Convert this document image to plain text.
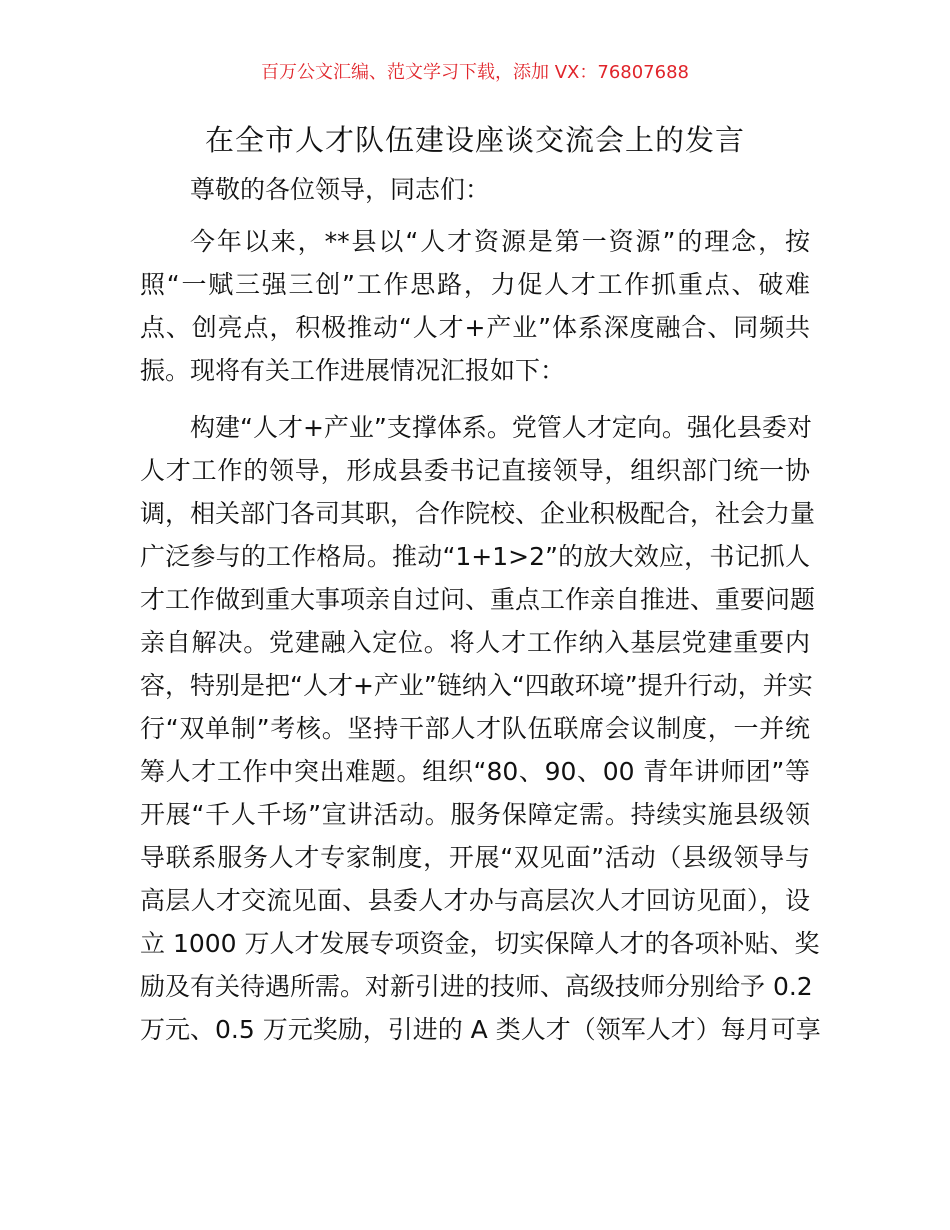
百万公文汇编、范文学习下载，添加 VX：76807688
在全市人才队伍建设座谈交流会上的发言
尊敬的各位领导，同志们：
今年以来，**县以“人才资源是第一资源”的理念，按
照“一赋三强三创”工作思路，力促人才工作抓重点、破难
点、创亮点，积极推动“人才+产业”体系深度融合、同频共
振。现将有关工作进展情况汇报如下：
构建“人才+产业”支撑体系。党管人才定向。强化县委对
人才工作的领导，形成县委书记直接领导，组织部门统一协
调，相关部门各司其职，合作院校、企业积极配合，社会力量
广泛参与的工作格局。推动“1+1>2”的放大效应，书记抓人
才工作做到重大事项亲自过问、重点工作亲自推进、重要问题
亲自解决。党建融入定位。将人才工作纳入基层党建重要内
容，特别是把“人才+产业”链纳入“四敢环境”提升行动，并实
行“双单制”考核。坚持干部人才队伍联席会议制度，一并统
筹人才工作中突出难题。组织“80、90、00 青年讲师团”等
开展“千人千场”宣讲活动。服务保障定需。持续实施县级领
导联系服务人才专家制度，开展“双见面”活动（县级领导与
高层人才交流见面、县委人才办与高层次人才回访见面），设
立 1000 万人才发展专项资金，切实保障人才的各项补贴、奖
励及有关待遇所需。对新引进的技师、高级技师分别给予 0.2
万元、0.5 万元奖励，引进的 A 类人才（领军人才）每月可享
